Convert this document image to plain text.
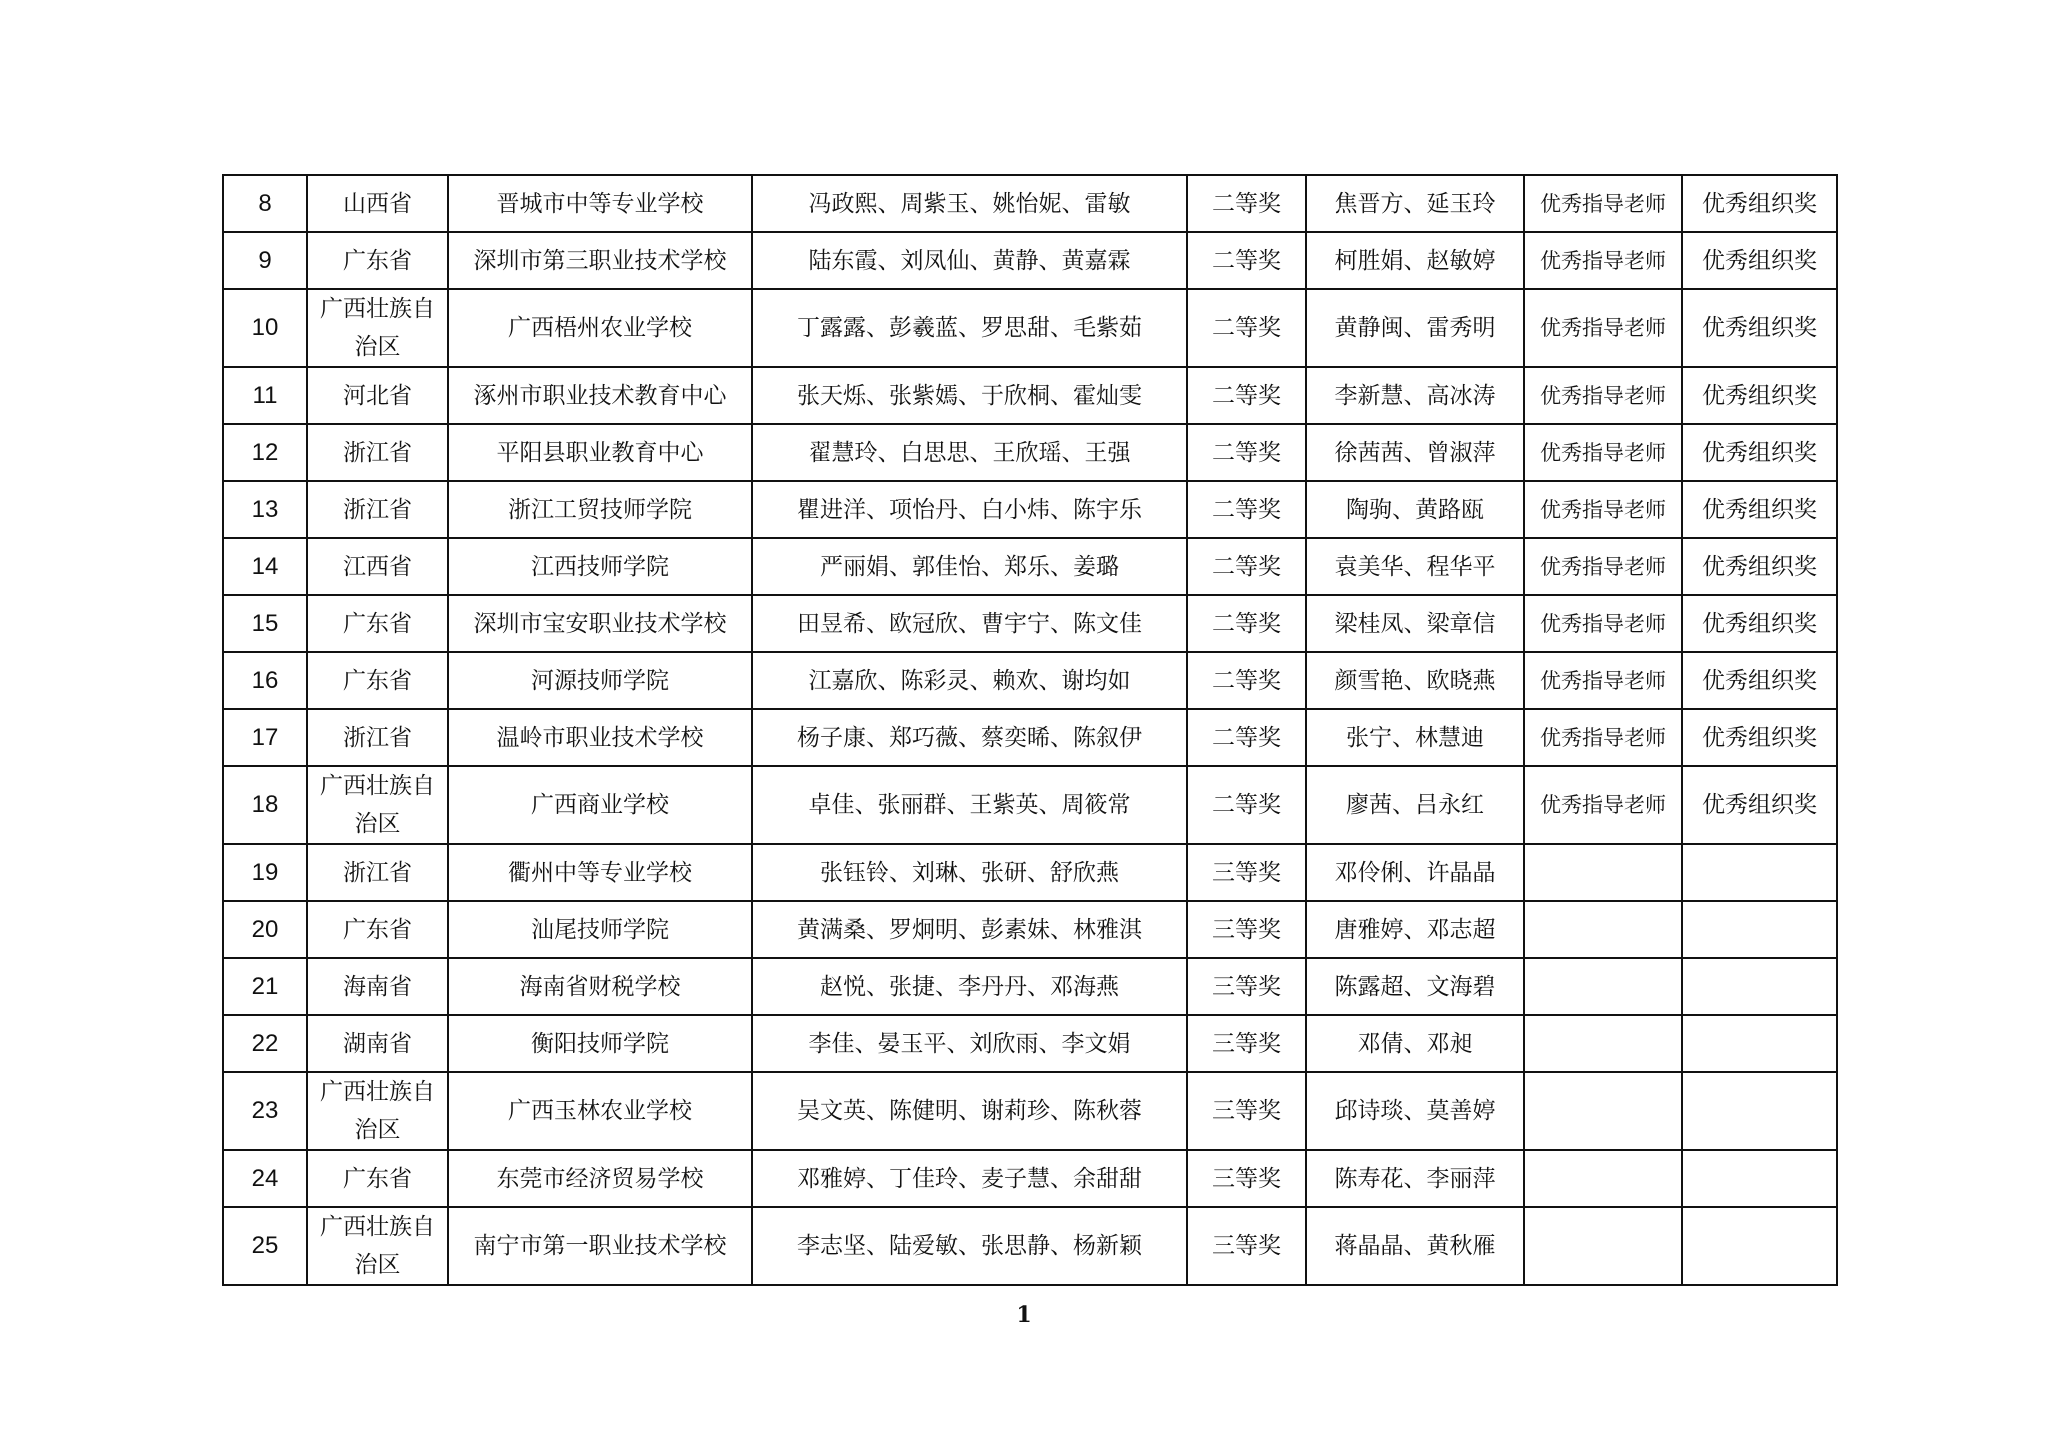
8	山西省	晋城市中等专业学校	冯政熙、周紫玉、姚怡妮、雷敏	二等奖	焦晋方、延玉玲	优秀指导老师	优秀组织奖
9	广东省	深圳市第三职业技术学校	陆东霞、刘凤仙、黄静、黄嘉霖	二等奖	柯胜娟、赵敏婷	优秀指导老师	优秀组织奖
10	广西壮族自治区	广西梧州农业学校	丁露露、彭羲蓝、罗思甜、毛紫茹	二等奖	黄静闽、雷秀明	优秀指导老师	优秀组织奖
11	河北省	涿州市职业技术教育中心	张天烁、张紫嫣、于欣桐、霍灿雯	二等奖	李新慧、高冰涛	优秀指导老师	优秀组织奖
12	浙江省	平阳县职业教育中心	翟慧玲、白思思、王欣瑶、王强	二等奖	徐茜茜、曾淑萍	优秀指导老师	优秀组织奖
13	浙江省	浙江工贸技师学院	瞿进洋、项怡丹、白小炜、陈宇乐	二等奖	陶驹、黄路瓯	优秀指导老师	优秀组织奖
14	江西省	江西技师学院	严丽娟、郭佳怡、郑乐、姜璐	二等奖	袁美华、程华平	优秀指导老师	优秀组织奖
15	广东省	深圳市宝安职业技术学校	田昱希、欧冠欣、曹宇宁、陈文佳	二等奖	梁桂凤、梁章信	优秀指导老师	优秀组织奖
16	广东省	河源技师学院	江嘉欣、陈彩灵、赖欢、谢均如	二等奖	颜雪艳、欧晓燕	优秀指导老师	优秀组织奖
17	浙江省	温岭市职业技术学校	杨子康、郑巧薇、蔡奕晞、陈叙伊	二等奖	张宁、林慧迪	优秀指导老师	优秀组织奖
18	广西壮族自治区	广西商业学校	卓佳、张丽群、王紫英、周筱常	二等奖	廖茜、吕永红	优秀指导老师	优秀组织奖
19	浙江省	衢州中等专业学校	张钰铃、刘琳、张研、舒欣燕	三等奖	邓伶俐、许晶晶		
20	广东省	汕尾技师学院	黄满桑、罗炯明、彭素妹、林雅淇	三等奖	唐雅婷、邓志超		
21	海南省	海南省财税学校	赵悦、张捷、李丹丹、邓海燕	三等奖	陈露超、文海碧		
22	湖南省	衡阳技师学院	李佳、晏玉平、刘欣雨、李文娟	三等奖	邓倩、邓昶		
23	广西壮族自治区	广西玉林农业学校	吴文英、陈健明、谢莉珍、陈秋蓉	三等奖	邱诗琰、莫善婷		
24	广东省	东莞市经济贸易学校	邓雅婷、丁佳玲、麦子慧、余甜甜	三等奖	陈寿花、李丽萍		
25	广西壮族自治区	南宁市第一职业技术学校	李志坚、陆爱敏、张思静、杨新颖	三等奖	蒋晶晶、黄秋雁		
1
